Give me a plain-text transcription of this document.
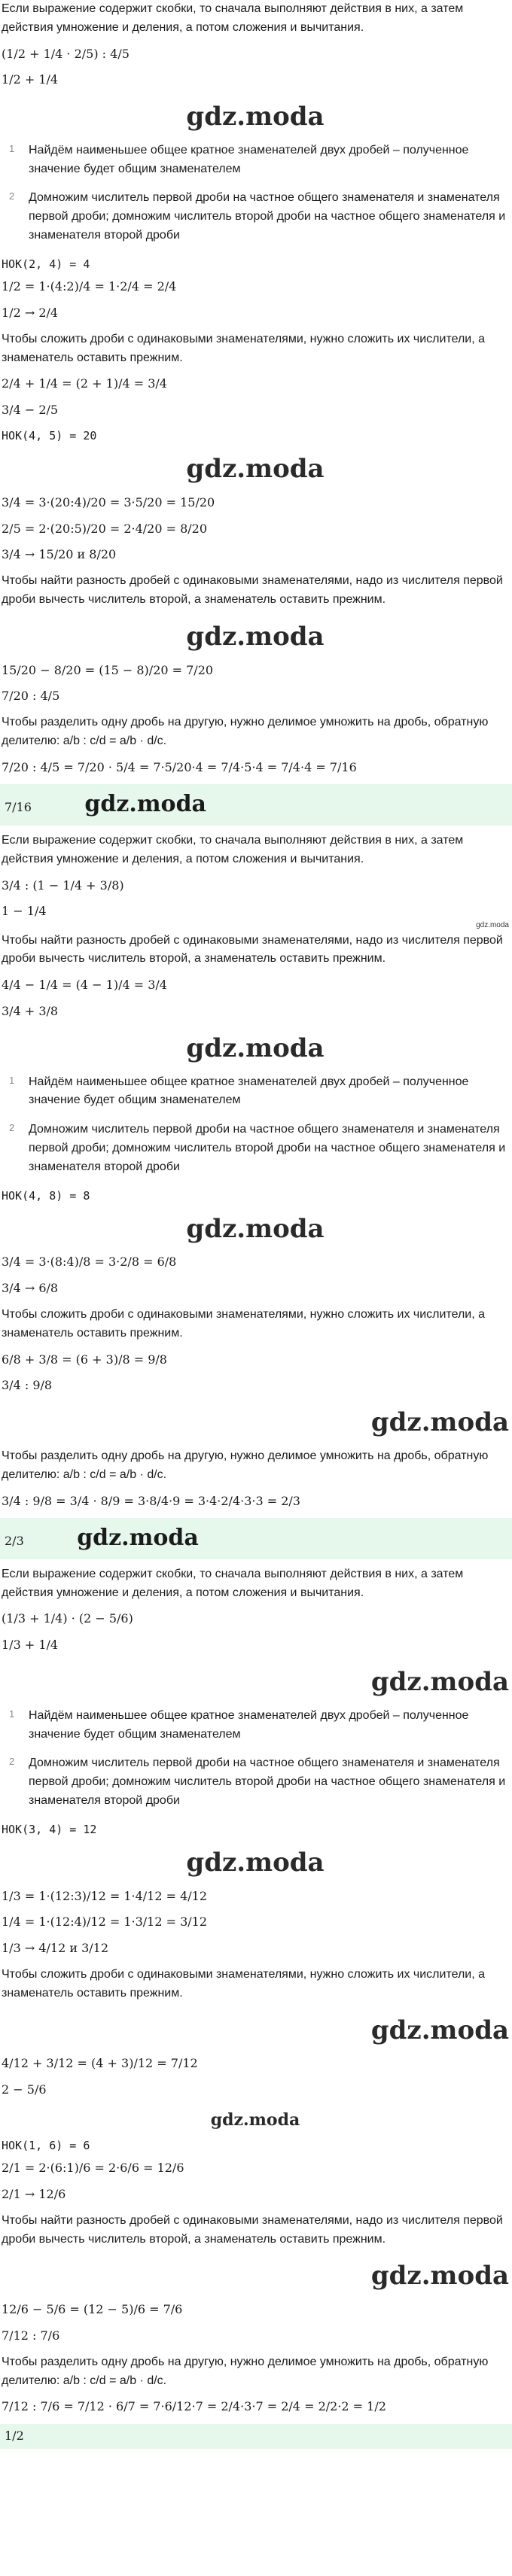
Если выражение содержит скобки, то сначала выполняют действия в них, а затем действия умножение и деления, а потом сложения и вычитания.
(1/2 + 1/4 · 2/5) : 4/5
1/2 + 1/4
gdz.moda
1 Найдём наименьшее общее кратное знаменателей двух дробей – полученное значение будет общим знаменателем
2 Домножим числитель первой дроби на частное общего знаменателя и знаменателя первой дроби; домножим числитель второй дроби на частное общего знаменателя и знаменателя второй дроби
НОК(2, 4) = 4
1/2 = 1·(4:2)/4 = 1·2/4 = 2/4
1/2 → 2/4
Чтобы сложить дроби с одинаковыми знаменателями, нужно сложить их числители, а знаменатель оставить прежним.
2/4 + 1/4 = (2 + 1)/4 = 3/4
3/4 − 2/5
НОК(4, 5) = 20
gdz.moda
3/4 = 3·(20:4)/20 = 3·5/20 = 15/20
2/5 = 2·(20:5)/20 = 2·4/20 = 8/20
3/4 → 15/20 и 8/20
Чтобы найти разность дробей с одинаковыми знаменателями, надо из числителя первой дроби вычесть числитель второй, а знаменатель оставить прежним.
gdz.moda
15/20 − 8/20 = (15 − 8)/20 = 7/20
7/20 : 4/5
Чтобы разделить одну дробь на другую, нужно делимое умножить на дробь, обратную делителю: a/b : c/d = a/b · d/c.
7/20 : 4/5 = 7/20 · 5/4 = 7·5/20·4 = 7/4·5·4 = 7/4·4 = 7/16
7/16 gdz.moda
Если выражение содержит скобки, то сначала выполняют действия в них, а затем действия умножение и деления, а потом сложения и вычитания.
3/4 : (1 − 1/4 + 3/8)
1 − 1/4
gdz.moda
Чтобы найти разность дробей с одинаковыми знаменателями, надо из числителя первой дроби вычесть числитель второй, а знаменатель оставить прежним.
4/4 − 1/4 = (4 − 1)/4 = 3/4
3/4 + 3/8
gdz.moda
1 Найдём наименьшее общее кратное знаменателей двух дробей – полученное значение будет общим знаменателем
2 Домножим числитель первой дроби на частное общего знаменателя и знаменателя первой дроби; домножим числитель второй дроби на частное общего знаменателя и знаменателя второй дроби
НОК(4, 8) = 8
gdz.moda
3/4 = 3·(8:4)/8 = 3·2/8 = 6/8
3/4 → 6/8
Чтобы сложить дроби с одинаковыми знаменателями, нужно сложить их числители, а знаменатель оставить прежним.
6/8 + 3/8 = (6 + 3)/8 = 9/8
3/4 : 9/8
gdz.moda
Чтобы разделить одну дробь на другую, нужно делимое умножить на дробь, обратную делителю: a/b : c/d = a/b · d/c.
3/4 : 9/8 = 3/4 · 8/9 = 3·8/4·9 = 3·4·2/4·3·3 = 2/3
2/3 gdz.moda
Если выражение содержит скобки, то сначала выполняют действия в них, а затем действия умножение и деления, а потом сложения и вычитания.
(1/3 + 1/4) · (2 − 5/6)
1/3 + 1/4
gdz.moda
1 Найдём наименьшее общее кратное знаменателей двух дробей – полученное значение будет общим знаменателем
2 Домножим числитель первой дроби на частное общего знаменателя и знаменателя первой дроби; домножим числитель второй дроби на частное общего знаменателя и знаменателя второй дроби
НОК(3, 4) = 12
gdz.moda
1/3 = 1·(12:3)/12 = 1·4/12 = 4/12
1/4 = 1·(12:4)/12 = 1·3/12 = 3/12
1/3 → 4/12 и 3/12
Чтобы сложить дроби с одинаковыми знаменателями, нужно сложить их числители, а знаменатель оставить прежним.
gdz.moda
4/12 + 3/12 = (4 + 3)/12 = 7/12
2 − 5/6
gdz.moda
НОК(1, 6) = 6
2/1 = 2·(6:1)/6 = 2·6/6 = 12/6
2/1 → 12/6
Чтобы найти разность дробей с одинаковыми знаменателями, надо из числителя первой дроби вычесть числитель второй, а знаменатель оставить прежним.
gdz.moda
12/6 − 5/6 = (12 − 5)/6 = 7/6
7/12 : 7/6
Чтобы разделить одну дробь на другую, нужно делимое умножить на дробь, обратную делителю: a/b : c/d = a/b · d/c.
7/12 : 7/6 = 7/12 · 6/7 = 7·6/12·7 = 2/4·3·7 = 2/4 = 2/2·2 = 1/2
1/2
